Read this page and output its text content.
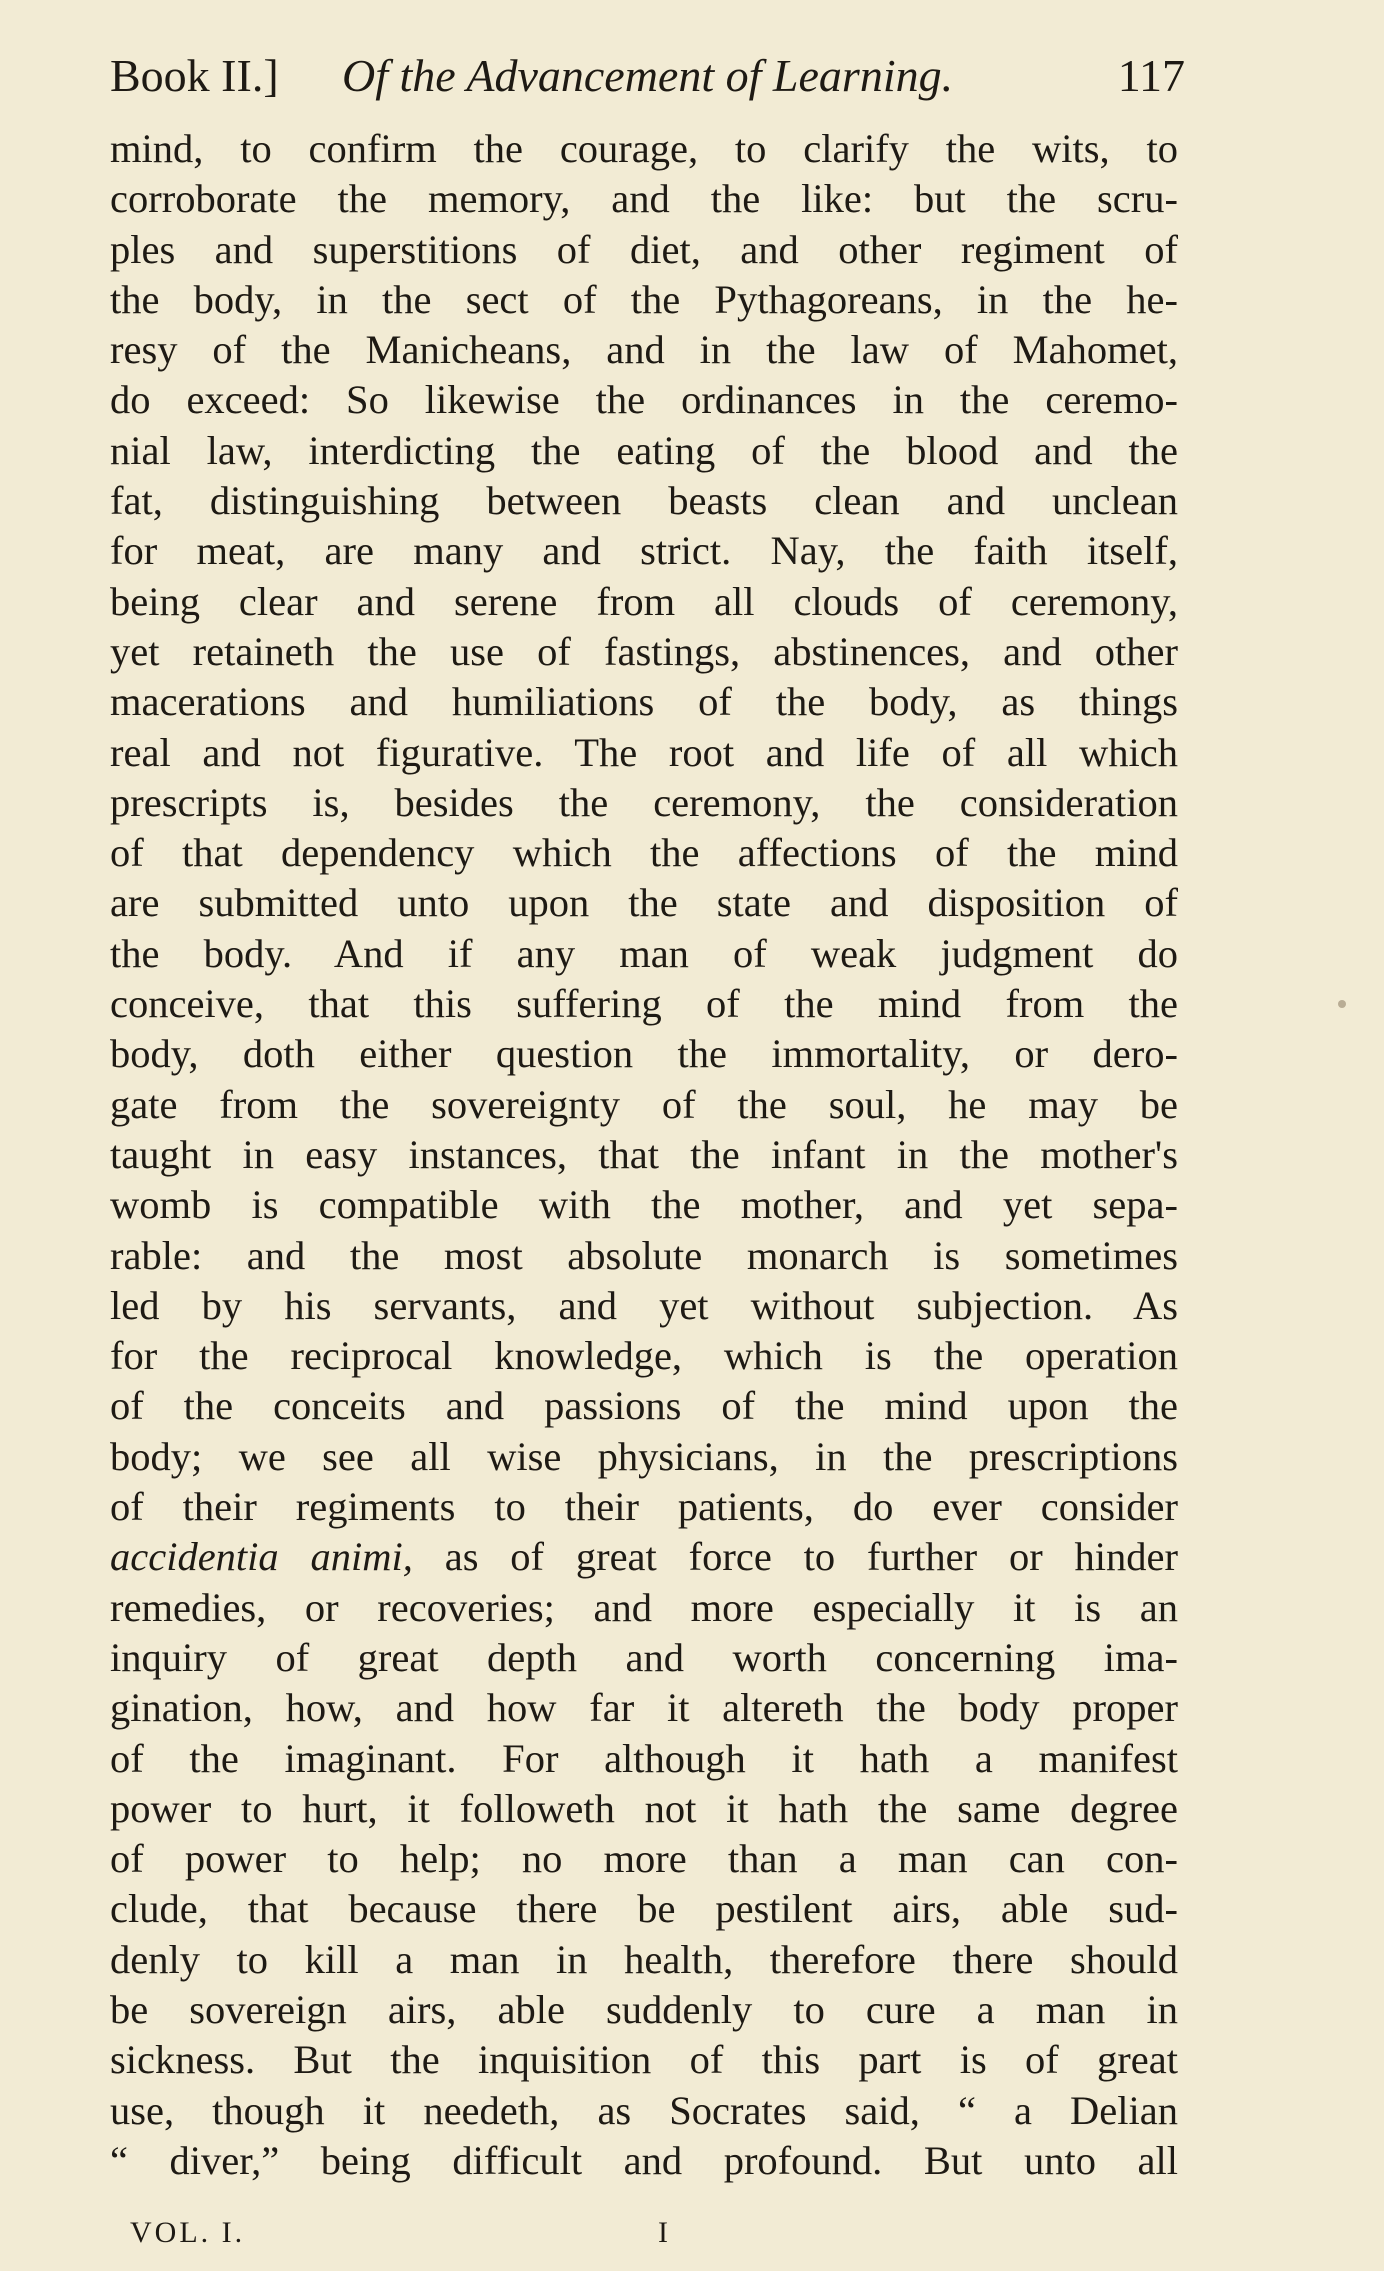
Book II.] Of the Advancement of Learning.	117
mind, to confirm the courage, to clarify the wits, to
corroborate the memory, and the like: but the scru-
ples and superstitions of diet, and other regiment of
the body, in the sect of the Pythagoreans, in the he-
resy of the Manicheans, and in the law of Mahomet,
do exceed: So likewise the ordinances in the ceremo-
nial law, interdicting the eating of the blood and the
fat, distinguishing between beasts clean and unclean
for meat, are many and strict. Nay, the faith itself,
being clear and serene from all clouds of ceremony,
yet retaineth the use of fastings, abstinences, and other
macerations and humiliations of the body, as things
real and not figurative. The root and life of all which
prescripts is, besides the ceremony, the consideration
of that dependency which the affections of the mind
are submitted unto upon the state and disposition of
the body. And if any man of weak judgment do
conceive, that this suffering of the mind from the
body, doth either question the immortality, or dero-
gate from the sovereignty of the soul, he may be
taught in easy instances, that the infant in the mother's
womb is compatible with the mother, and yet sepa-
rable: and the most absolute monarch is sometimes
led by his servants, and yet without subjection. As
for the reciprocal knowledge, which is the operation
of the conceits and passions of the mind upon the
body; we see all wise physicians, in the prescriptions
of their regiments to their patients, do ever consider
accidentia animi, as of great force to further or hinder
remedies, or recoveries; and more especially it is an
inquiry of great depth and worth concerning ima-
gination, how, and how far it altereth the body proper
of the imaginant. For although it hath a manifest
power to hurt, it followeth not it hath the same degree
of power to help; no more than a man can con-
clude, that because there be pestilent airs, able sud-
denly to kill a man in health, therefore there should
be sovereign airs, able suddenly to cure a man in
sickness. But the inquisition of this part is of great
use, though it needeth, as Socrates said, “ a Delian
“ diver,” being difficult and profound. But unto all
VOL. I.	I
